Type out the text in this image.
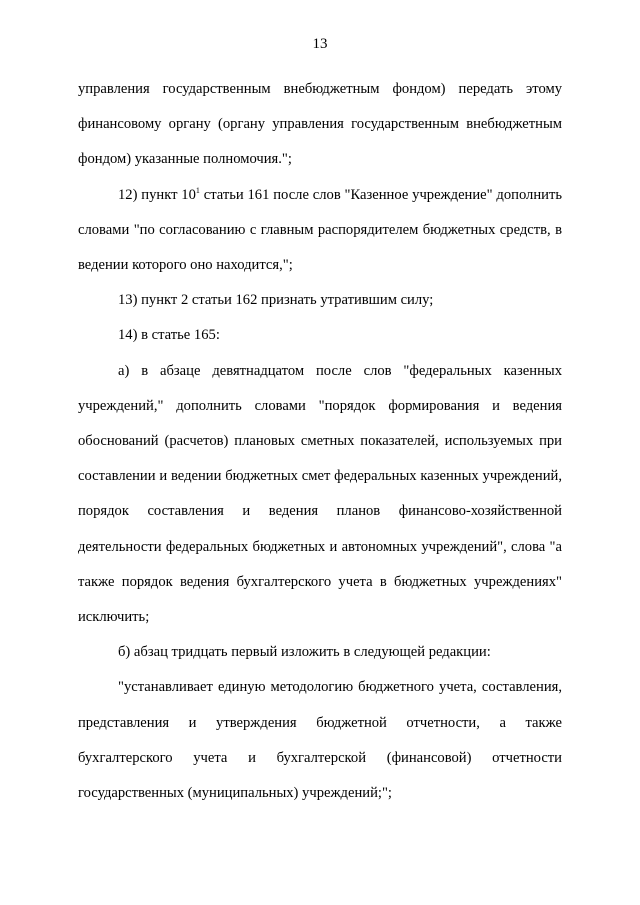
13

управления государственным внебюджетным фондом) передать этому финансовому органу (органу управления государственным внебюджетным фондом) указанные полномочия.";

12) пункт $10^1$ статьи 161 после слов "Казенное учреждение" дополнить словами "по согласованию с главным распорядителем бюджетных средств, в ведении которого оно находится,";

13) пункт 2 статьи 162 признать утратившим силу;

14) в статье 165:

а) в абзаце девятнадцатом после слов "федеральных казенных учреждений," дополнить словами "порядок формирования и ведения обоснований (расчетов) плановых сметных показателей, используемых при составлении и ведении бюджетных смет федеральных казенных учреждений, порядок составления и ведения планов финансово-хозяйственной деятельности федеральных бюджетных и автономных учреждений", слова "а также порядок ведения бухгалтерского учета в бюджетных учреждениях" исключить;

б) абзац тридцать первый изложить в следующей редакции:

"устанавливает единую методологию бюджетного учета, составления, представления и утверждения бюджетной отчетности, а также бухгалтерского учета и бухгалтерской (финансовой) отчетности государственных (муниципальных) учреждений;";
